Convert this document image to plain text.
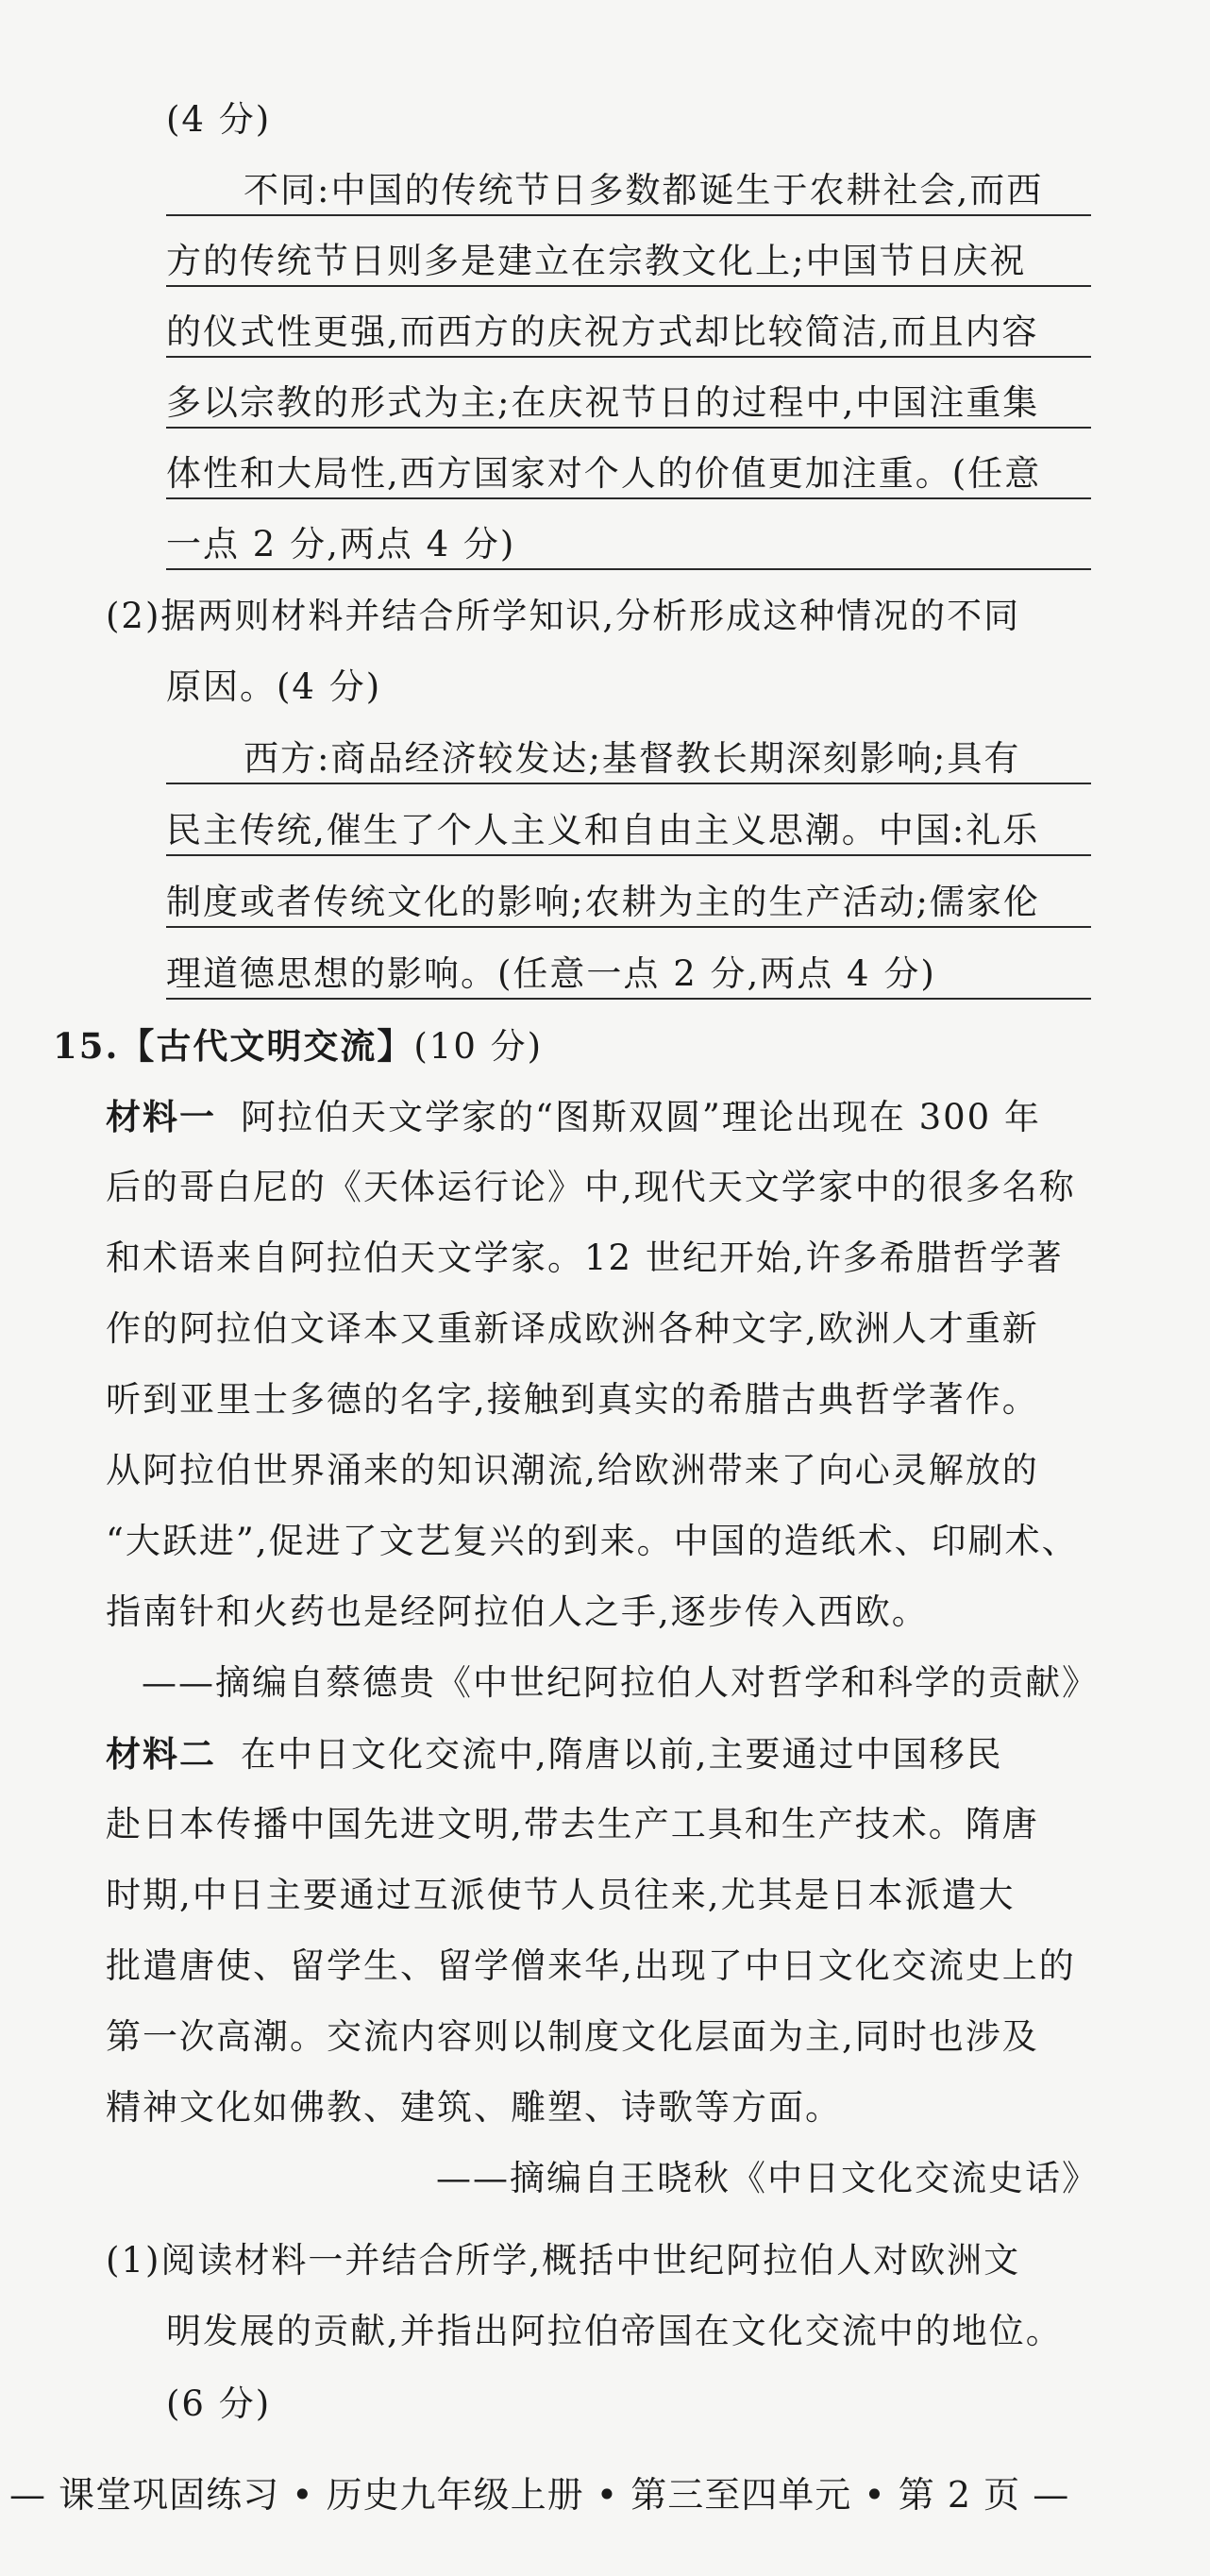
(4 分)
不同:中国的传统节日多数都诞生于农耕社会,而西
方的传统节日则多是建立在宗教文化上;中国节日庆祝
的仪式性更强,而西方的庆祝方式却比较简洁,而且内容
多以宗教的形式为主;在庆祝节日的过程中,中国注重集
体性和大局性,西方国家对个人的价值更加注重。(任意
一点 2 分,两点 4 分)
(2)据两则材料并结合所学知识,分析形成这种情况的不同
原因。(4 分)
西方:商品经济较发达;基督教长期深刻影响;具有
民主传统,催生了个人主义和自由主义思潮。中国:礼乐
制度或者传统文化的影响;农耕为主的生产活动;儒家伦
理道德思想的影响。(任意一点 2 分,两点 4 分)
15.【古代文明交流】(10 分)
材料一 阿拉伯天文学家的“图斯双圆”理论出现在 300 年
后的哥白尼的《天体运行论》中,现代天文学家中的很多名称
和术语来自阿拉伯天文学家。12 世纪开始,许多希腊哲学著
作的阿拉伯文译本又重新译成欧洲各种文字,欧洲人才重新
听到亚里士多德的名字,接触到真实的希腊古典哲学著作。
从阿拉伯世界涌来的知识潮流,给欧洲带来了向心灵解放的
“大跃进”,促进了文艺复兴的到来。中国的造纸术、印刷术、
指南针和火药也是经阿拉伯人之手,逐步传入西欧。
——摘编自蔡德贵《中世纪阿拉伯人对哲学和科学的贡献》
材料二 在中日文化交流中,隋唐以前,主要通过中国移民
赴日本传播中国先进文明,带去生产工具和生产技术。隋唐
时期,中日主要通过互派使节人员往来,尤其是日本派遣大
批遣唐使、留学生、留学僧来华,出现了中日文化交流史上的
第一次高潮。交流内容则以制度文化层面为主,同时也涉及
精神文化如佛教、建筑、雕塑、诗歌等方面。
——摘编自王晓秋《中日文化交流史话》
(1)阅读材料一并结合所学,概括中世纪阿拉伯人对欧洲文
明发展的贡献,并指出阿拉伯帝国在文化交流中的地位。
(6 分)
— 课堂巩固练习 • 历史九年级上册 • 第三至四单元 • 第 2 页 —
